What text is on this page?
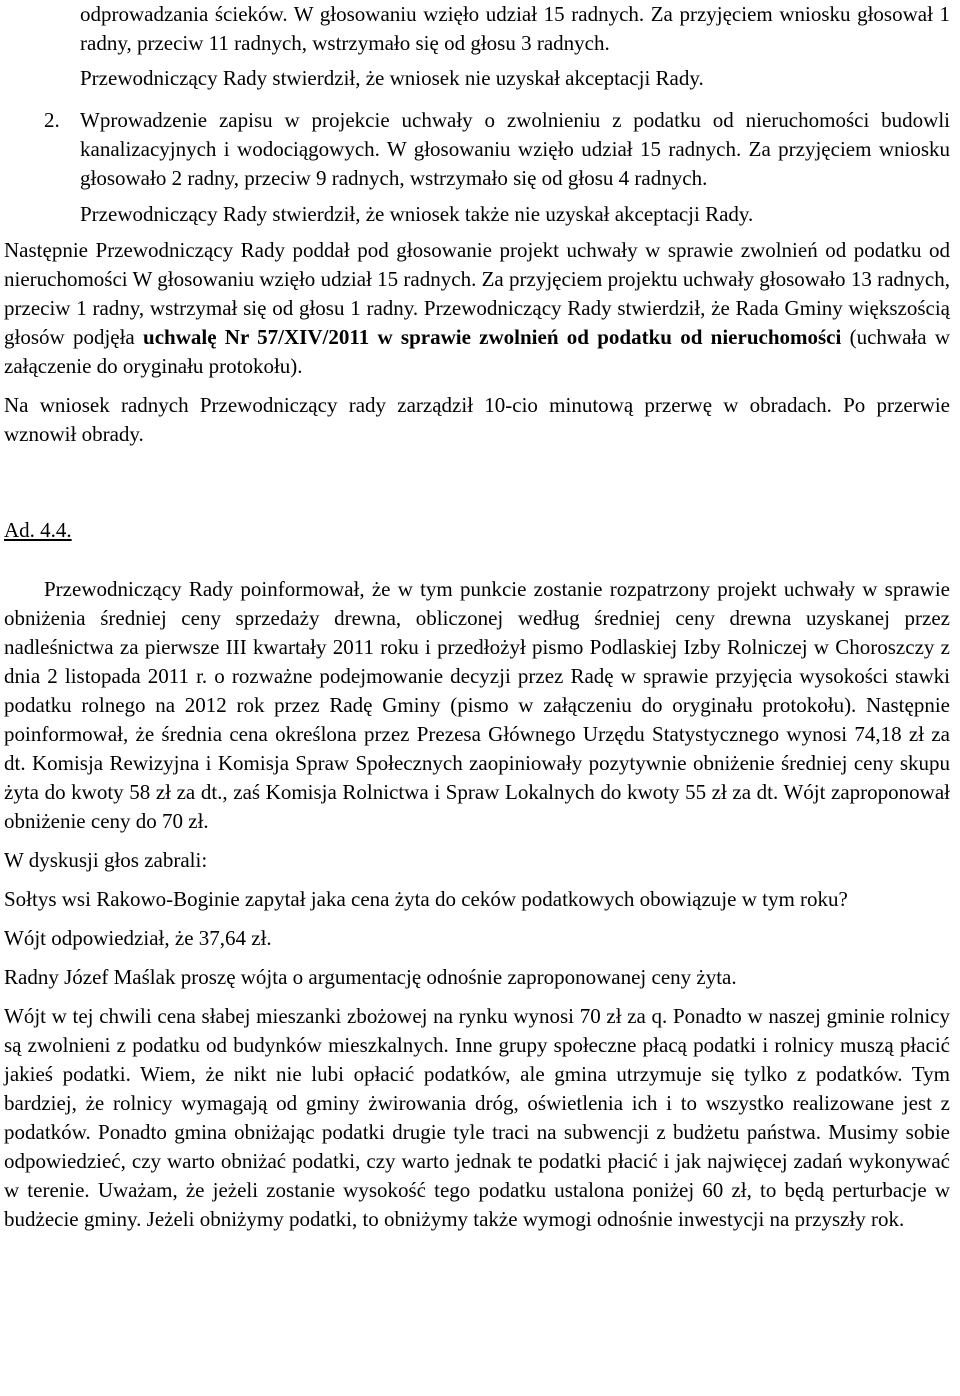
odprowadzania ścieków. W głosowaniu wzięło udział 15 radnych. Za przyjęciem wniosku głosował 1 radny, przeciw 11 radnych, wstrzymało się od głosu 3 radnych.

Przewodniczący Rady stwierdził, że wniosek nie uzyskał akceptacji Rady.

2. Wprowadzenie zapisu w projekcie uchwały o zwolnieniu z podatku od nieruchomości budowli kanalizacyjnych i wodociągowych. W głosowaniu wzięło udział 15 radnych. Za przyjęciem wniosku głosowało 2 radny, przeciw 9 radnych, wstrzymało się od głosu 4 radnych.

Przewodniczący Rady stwierdził, że wniosek także nie uzyskał akceptacji Rady.

Następnie Przewodniczący Rady poddał pod głosowanie projekt uchwały w sprawie zwolnień od podatku od nieruchomości W głosowaniu wzięło udział 15 radnych. Za przyjęciem projektu uchwały głosowało 13 radnych, przeciw 1 radny, wstrzymał się od głosu 1 radny. Przewodniczący Rady stwierdził, że Rada Gminy większością głosów podjęła uchwalę Nr 57/XIV/2011 w sprawie zwolnień od podatku od nieruchomości (uchwała w załączenie do oryginału protokołu).

Na wniosek radnych Przewodniczący rady zarządził 10-cio minutową przerwę w obradach. Po przerwie wznowił obrady.

Ad. 4.4.

Przewodniczący Rady poinformował, że w tym punkcie zostanie rozpatrzony projekt uchwały w sprawie obniżenia średniej ceny sprzedaży drewna, obliczonej według średniej ceny drewna uzyskanej przez nadleśnictwa za pierwsze III kwartały 2011 roku i przedłożył pismo Podlaskiej Izby Rolniczej w Choroszczy z dnia 2 listopada 2011 r. o rozważne podejmowanie decyzji przez Radę w sprawie przyjęcia wysokości stawki podatku rolnego na 2012 rok przez Radę Gminy (pismo w załączeniu do oryginału protokołu). Następnie poinformował, że średnia cena określona przez Prezesa Głównego Urzędu Statystycznego wynosi 74,18 zł za dt. Komisja Rewizyjna i Komisja Spraw Społecznych zaopiniowały pozytywnie obniżenie średniej ceny skupu żyta do kwoty 58 zł za dt., zaś Komisja Rolnictwa i Spraw Lokalnych do kwoty 55 zł za dt. Wójt zaproponował obniżenie ceny do 70 zł.

W dyskusji głos zabrali:

Sołtys wsi Rakowo-Boginie zapytał jaka cena żyta do ceków podatkowych obowiązuje w tym roku?

Wójt odpowiedział, że 37,64 zł.

Radny Józef Maślak proszę wójta o argumentację odnośnie zaproponowanej ceny żyta.

Wójt w tej chwili cena słabej mieszanki zbożowej na rynku wynosi 70 zł za q. Ponadto w naszej gminie rolnicy są zwolnieni z podatku od budynków mieszkalnych. Inne grupy społeczne płacą podatki i rolnicy muszą płacić jakieś podatki. Wiem, że nikt nie lubi opłacić podatków, ale gmina utrzymuje się tylko z podatków. Tym bardziej, że rolnicy wymagają od gminy żwirowania dróg, oświetlenia ich i to wszystko realizowane jest z podatków. Ponadto gmina obniżając podatki drugie tyle traci na subwencji z budżetu państwa. Musimy sobie odpowiedzieć, czy warto obniżać podatki, czy warto jednak te podatki płacić i jak najwięcej zadań wykonywać w terenie. Uważam, że jeżeli zostanie wysokość tego podatku ustalona poniżej 60 zł, to będą perturbacje w budżecie gminy. Jeżeli obniżymy podatki, to obniżymy także wymogi odnośnie inwestycji na przyszły rok.
